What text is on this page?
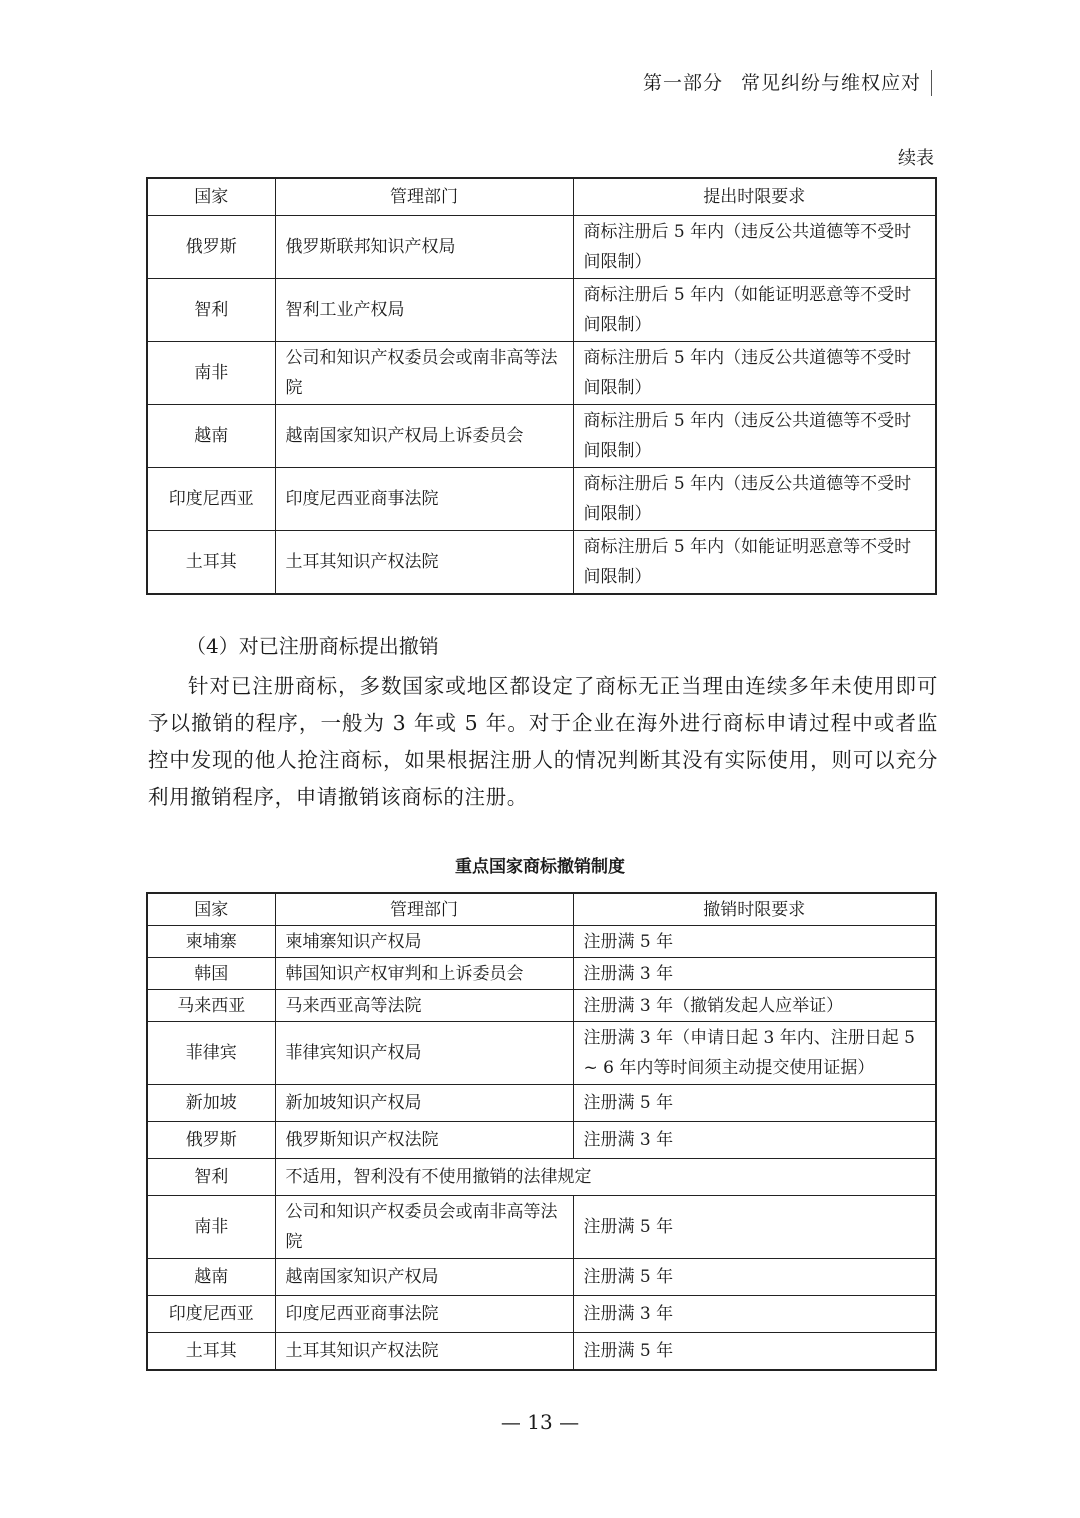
第一部分 常见纠纷与维权应对
续表
国家	管理部门	提出时限要求
俄罗斯	俄罗斯联邦知识产权局	商标注册后 5 年内（违反公共道德等不受时间限制）
智利	智利工业产权局	商标注册后 5 年内（如能证明恶意等不受时间限制）
南非	公司和知识产权委员会或南非高等法院	商标注册后 5 年内（违反公共道德等不受时间限制）
越南	越南国家知识产权局上诉委员会	商标注册后 5 年内（违反公共道德等不受时间限制）
印度尼西亚	印度尼西亚商事法院	商标注册后 5 年内（违反公共道德等不受时间限制）
土耳其	土耳其知识产权法院	商标注册后 5 年内（如能证明恶意等不受时间限制）
（4）对已注册商标提出撤销

针对已注册商标，多数国家或地区都设定了商标无正当理由连续多年未使用即可予以撤销的程序，一般为 3 年或 5 年。对于企业在海外进行商标申请过程中或者监控中发现的他人抢注商标，如果根据注册人的情况判断其没有实际使用，则可以充分利用撤销程序，申请撤销该商标的注册。

重点国家商标撤销制度
国家	管理部门	撤销时限要求
柬埔寨	柬埔寨知识产权局	注册满 5 年
韩国	韩国知识产权审判和上诉委员会	注册满 3 年
马来西亚	马来西亚高等法院	注册满 3 年（撤销发起人应举证）
菲律宾	菲律宾知识产权局	注册满 3 年（申请日起 3 年内、注册日起 5 ~ 6 年内等时间须主动提交使用证据）
新加坡	新加坡知识产权局	注册满 5 年
俄罗斯	俄罗斯知识产权法院	注册满 3 年
智利	不适用，智利没有不使用撤销的法律规定	
南非	公司和知识产权委员会或南非高等法院	注册满 5 年
越南	越南国家知识产权局	注册满 5 年
印度尼西亚	印度尼西亚商事法院	注册满 3 年
土耳其	土耳其知识产权法院	注册满 5 年
— 13 —
